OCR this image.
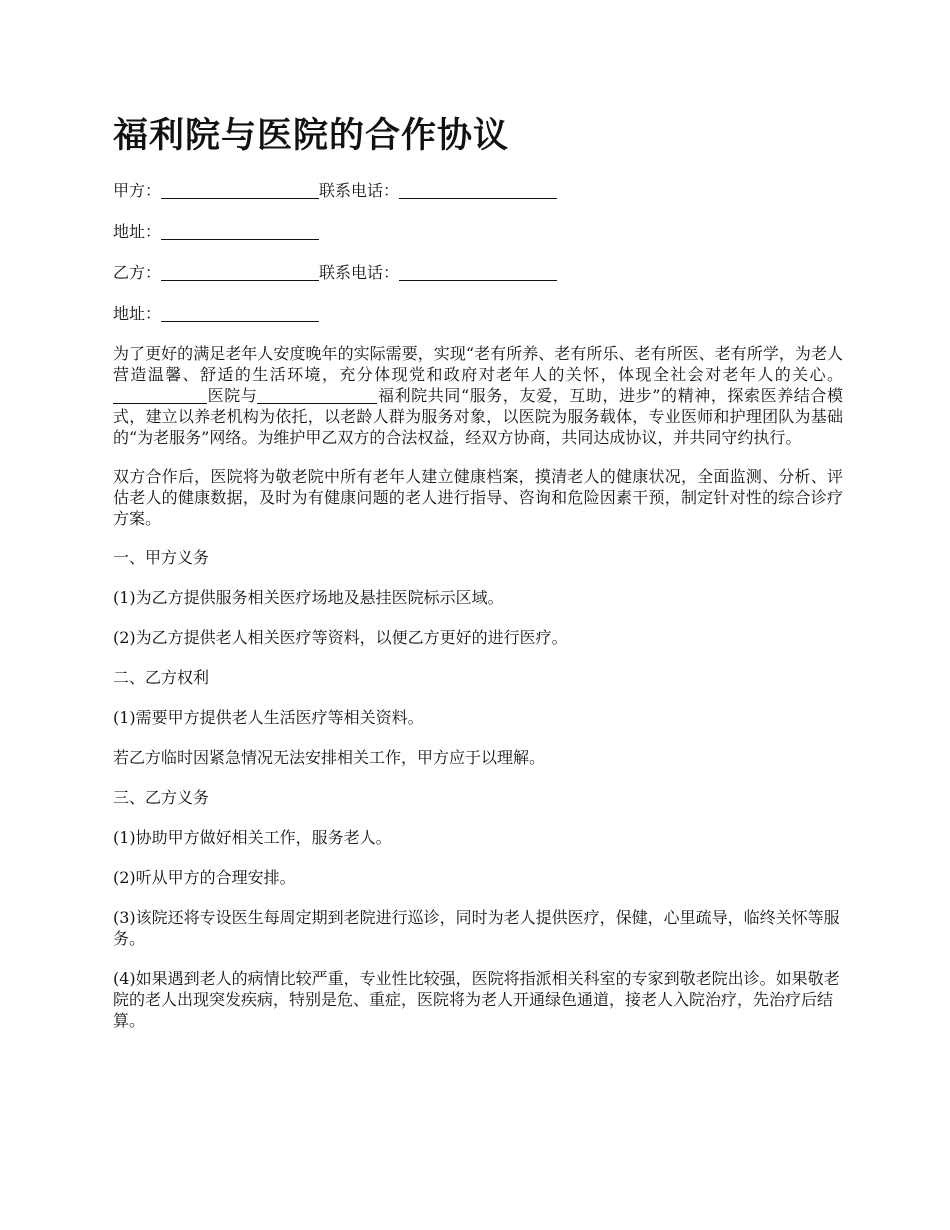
福利院与医院的合作协议
甲方：	联系电话：
地址：
乙方：	联系电话：
地址：

为了更好的满足老年人安度晚年的实际需要，实现“老有所养、老有所乐、老有所医、老有所学，为老人营造温馨、舒适的生活环境，充分体现党和政府对老年人的关怀，体现全社会对老年人的关心。医院与	福利院共同“服务，友爱，互助，进步”的精神，探索医养结合模式，建立以养老机构为依托，以老龄人群为服务对象，以医院为服务载体，专业医师和护理团队为基础的“为老服务”网络。为维护甲乙双方的合法权益，经双方协商，共同达成协议，并共同守约执行。

双方合作后，医院将为敬老院中所有老年人建立健康档案，摸清老人的健康状况，全面监测、分析、评估老人的健康数据，及时为有健康问题的老人进行指导、咨询和危险因素干预，制定针对性的综合诊疗方案。

一、甲方义务

(1)为乙方提供服务相关医疗场地及悬挂医院标示区域。

(2)为乙方提供老人相关医疗等资料，以便乙方更好的进行医疗。

二、乙方权利

(1)需要甲方提供老人生活医疗等相关资料。

若乙方临时因紧急情况无法安排相关工作，甲方应于以理解。

三、乙方义务

(1)协助甲方做好相关工作，服务老人。

(2)听从甲方的合理安排。

(3)该院还将专设医生每周定期到老院进行巡诊，同时为老人提供医疗，保健，心里疏导，临终关怀等服务。

(4)如果遇到老人的病情比较严重，专业性比较强，医院将指派相关科室的专家到敬老院出诊。如果敬老院的老人出现突发疾病，特别是危、重症，医院将为老人开通绿色通道，接老人入院治疗，先治疗后结算。
